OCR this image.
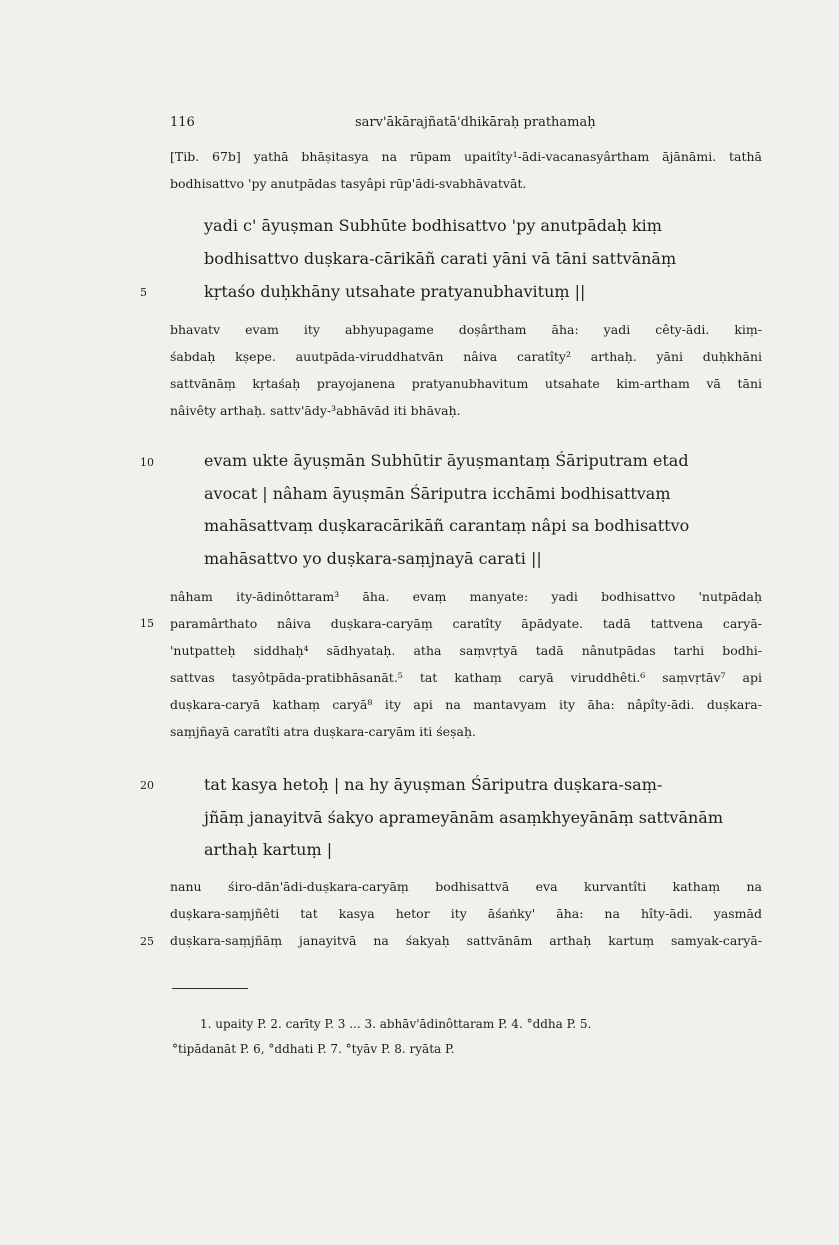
116	sarv'ākārajñatā'dhikāraḥ prathamaḥ
[Tib. 67b] yathā bhāṣitasya na rūpam upaitîty¹-ādi-vacanasyârtham ājānāmi. tathā
bodhisattvo 'py anutpādas tasyâpi rūp'ādi-svabhāvatvāt.
yadi c' āyuṣman Subhūte bodhisattvo 'py anutpādaḥ kiṃ
bodhisattvo duṣkara-cārikāñ carati yāni vā tāni sattvānāṃ
kṛtaśo duḥkhāny utsahate pratyanubhavituṃ ||
5
bhavatv evam ity abhyupagame doṣârtham āha: yadi cêty-ādi. kiṃ-
śabdaḥ kṣepe. auutpāda-viruddhatvān nâiva caratîty² arthaḥ. yāni duḥkhāni
sattvānāṃ kṛtaśaḥ prayojanena pratyanubhavitum utsahate kim-artham vā tāni
nâivêty arthaḥ. sattv'ādy-³abhāvād iti bhāvaḥ.
10	evam ukte āyuṣmān Subhūtir āyuṣmantaṃ Śāriputram etad
avocat | nâham āyuṣmān Śāriputra icchāmi bodhisattvaṃ
mahāsattvaṃ duṣkaracārikāñ carantaṃ nâpi sa bodhisattvo
mahāsattvo yo duṣkara-saṃjnayā carati ||
nâham ity-ādinôttaram³ āha. evaṃ manyate: yadi bodhisattvo 'nutpādaḥ
15 paramârthato nâiva duṣkara-caryāṃ caratîty āpādyate. tadā tattvena caryā-
'nutpatteḥ siddhaḥ⁴ sādhyataḥ. atha saṃvṛtyā tadā nânutpādas tarhi bodhi-
sattvas tasyôtpāda-pratibhāsanāt.⁵ tat kathaṃ caryā viruddhêti.⁶ saṃvṛtāv⁷ api
duṣkara-caryā kathaṃ caryā⁸ ity api na mantavyam ity āha: nâpîty-ādi. duṣkara-
saṃjñayā caratîti atra duṣkara-caryām iti śeṣaḥ.
20	tat kasya hetoḥ | na hy āyuṣman Śāriputra duṣkara-saṃ-
jñāṃ janayitvā śakyo aprameyānām asaṃkhyeyānāṃ sattvānām
arthaḥ kartuṃ |
nanu śiro-dān'ādi-duṣkara-caryāṃ bodhisattvā eva kurvantîti kathaṃ na
duṣkara-saṃjñêti tat kasya hetor ity āśaṅky' āha: na hîty-ādi. yasmād
25 duṣkara-saṃjñāṃ janayitvā na śakyaḥ sattvānām arthaḥ kartuṃ samyak-caryā-
1. upaity P. 2. carīty P. 3 ... 3. abhāv'ādinôttaram P. 4. °ddha P. 5.
°tipādanāt P. 6, °ddhati P. 7. °tyāv P. 8. ryāta P.
